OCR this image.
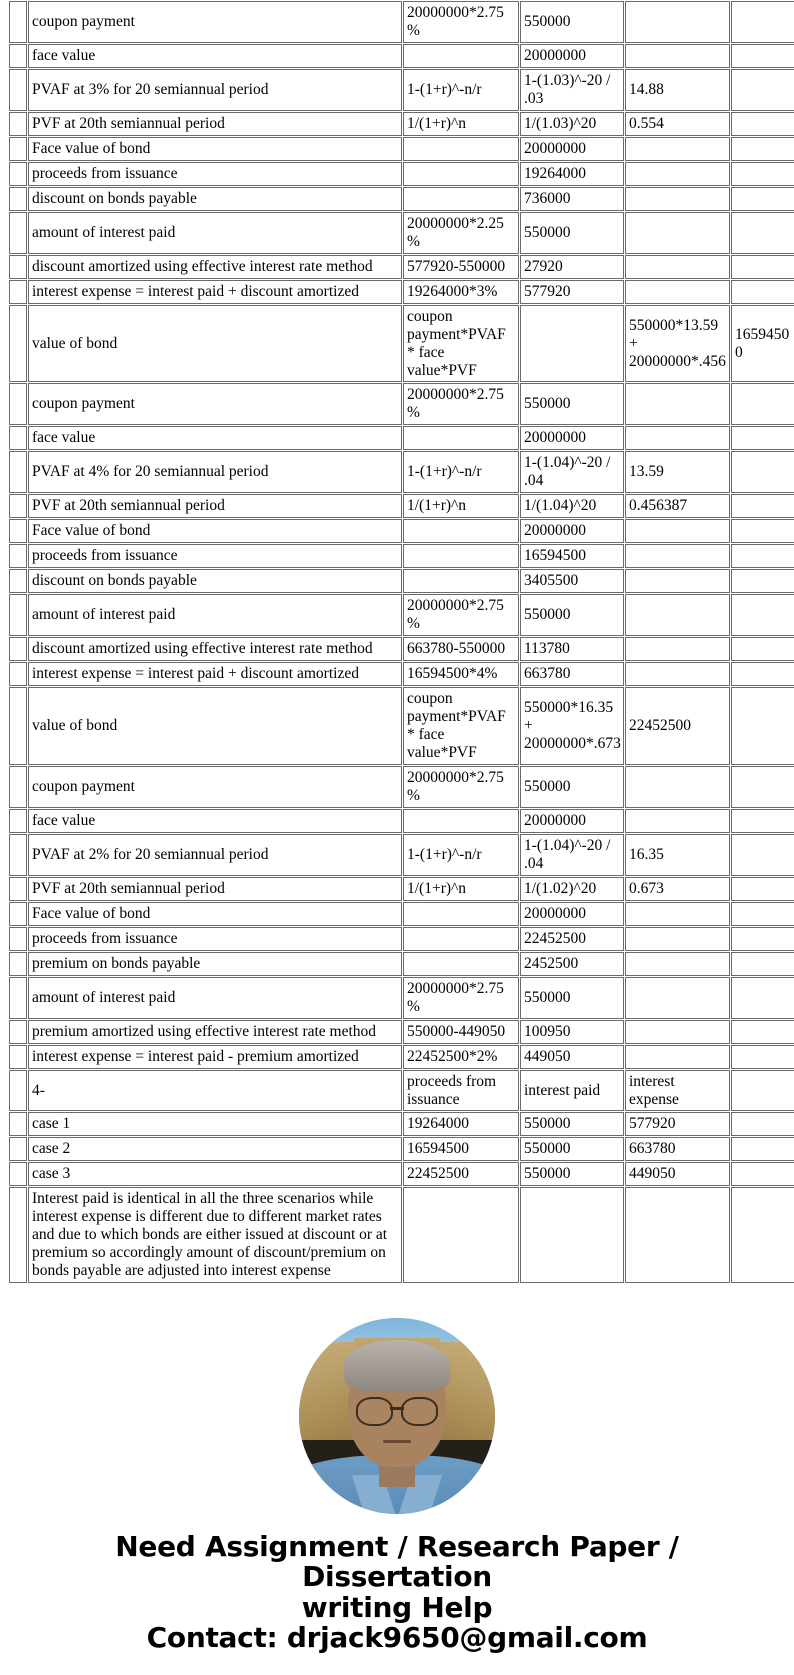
	coupon payment	20000000*2.75%	550000		
	face value		20000000		
	PVAF at 3% for 20 semiannual period	1-(1+r)^-n/r	1-(1.03)^-20 / .03	14.88	
	PVF at 20th semiannual period	1/(1+r)^n	1/(1.03)^20	0.554	
	Face value of bond		20000000		
	proceeds from issuance		19264000		
	discount on bonds payable		736000		
	amount of interest paid	20000000*2.25%	550000		
	discount amortized using effective interest rate method	577920-550000	27920		
	interest expense = interest paid + discount amortized	19264000*3%	577920		
	value of bond	coupon payment*PVAF * face value*PVF		550000*13.59 + 20000000*.456	16594500
	coupon payment	20000000*2.75%	550000		
	face value		20000000		
	PVAF at 4% for 20 semiannual period	1-(1+r)^-n/r	1-(1.04)^-20 / .04	13.59	
	PVF at 20th semiannual period	1/(1+r)^n	1/(1.04)^20	0.456387	
	Face value of bond		20000000		
	proceeds from issuance		16594500		
	discount on bonds payable		3405500		
	amount of interest paid	20000000*2.75%	550000		
	discount amortized using effective interest rate method	663780-550000	113780		
	interest expense = interest paid + discount amortized	16594500*4%	663780		
	value of bond	coupon payment*PVAF * face value*PVF	550000*16.35 + 20000000*.673	22452500	
	coupon payment	20000000*2.75%	550000		
	face value		20000000		
	PVAF at 2% for 20 semiannual period	1-(1+r)^-n/r	1-(1.04)^-20 / .04	16.35	
	PVF at 20th semiannual period	1/(1+r)^n	1/(1.02)^20	0.673	
	Face value of bond		20000000		
	proceeds from issuance		22452500		
	premium on bonds payable		2452500		
	amount of interest paid	20000000*2.75%	550000		
	premium amortized using effective interest rate method	550000-449050	100950		
	interest expense = interest paid - premium amortized	22452500*2%	449050		
	4-	proceeds from issuance	interest paid	interest expense	
	case 1	19264000	550000	577920	
	case 2	16594500	550000	663780	
	case 3	22452500	550000	449050	
	Interest paid is identical in all the three scenarios while interest expense is different due to different market rates and due to which bonds are either issued at discount or at premium so accordingly amount of discount/premium on bonds payable are adjusted into interest expense				
Need Assignment / Research Paper / Dissertation
writing Help
Contact: drjack9650@gmail.com
